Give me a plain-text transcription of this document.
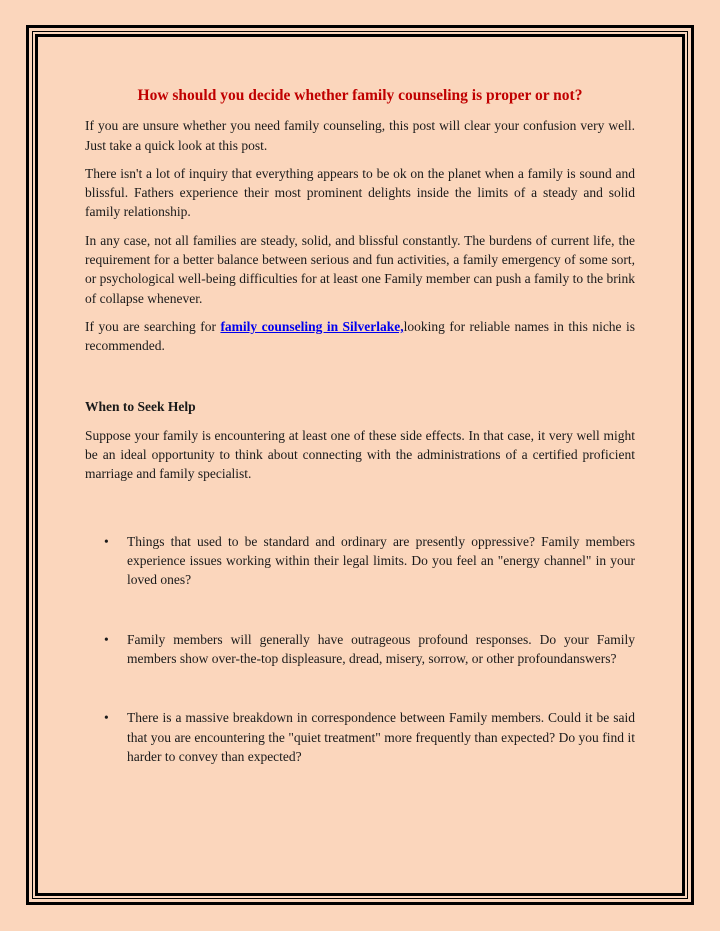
How should you decide whether family counseling is proper or not?

If you are unsure whether you need family counseling, this post will clear your confusion very well. Just take a quick look at this post.

There isn't a lot of inquiry that everything appears to be ok on the planet when a family is sound and blissful. Fathers experience their most prominent delights inside the limits of a steady and solid family relationship.

In any case, not all families are steady, solid, and blissful constantly. The burdens of current life, the requirement for a better balance between serious and fun activities, a family emergency of some sort, or psychological well-being difficulties for at least one Family member can push a family to the brink of collapse whenever.

If you are searching for family counseling in Silverlake,looking for reliable names in this niche is recommended.

When to Seek Help

Suppose your family is encountering at least one of these side effects. In that case, it very well might be an ideal opportunity to think about connecting with the administrations of a certified proficient marriage and family specialist.

• Things that used to be standard and ordinary are presently oppressive? Family members experience issues working within their legal limits. Do you feel an "energy channel" in your loved ones?
• Family members will generally have outrageous profound responses. Do your Family members show over-the-top displeasure, dread, misery, sorrow, or other profoundanswers?
• There is a massive breakdown in correspondence between Family members. Could it be said that you are encountering the "quiet treatment" more frequently than expected? Do you find it harder to convey than expected?
